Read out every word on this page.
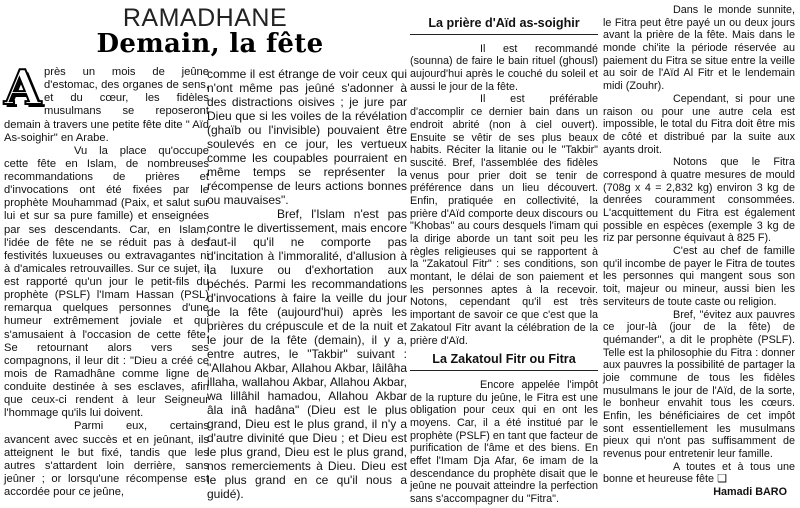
RAMADHANE
Demain, la fête

Après un mois de jeûne d'estomac, des organes de sens, et du cœur, les fidèles musulmans se reposeront demain à travers une petite fête dite " Aïd As-soighir" en Arabe.

Vu la place qu'occupe cette fête en Islam, de nombreuses recommandations de prières et d'invocations ont été fixées par le prophète Mouhammad (Paix, et salut sur lui et sur sa pure famille) et enseignées par ses descendants. Car, en Islam, l'idée de fête ne se réduit pas à des festivités luxueuses ou extravagantes ni à d'amicales retrouvailles. Sur ce sujet, il est rapporté qu'un jour le petit-fils du prophète (PSLF) l'Imam Hassan (PSL) remarqua quelques personnes d'une humeur extrêmement joviale et qui s'amusaient à l'occasion de cette fête. Se retournant alors vers ses compagnons, il leur dit : "Dieu a créé ce mois de Ramadhâne comme ligne de conduite destinée à ses esclaves, afin que ceux-ci rendent à leur Seigneur l'hommage qu'ils lui doivent.

Parmi eux, certains avancent avec succès et en jeûnant, ils atteignent le but fixé, tandis que les autres s'attardent loin derrière, sans jeûner ; or lorsqu'une récompense est accordée pour ce jeûne,

comme il est étrange de voir ceux qui n'ont même pas jeûné s'adonner à des distractions oisives ; je jure par Dieu que si les voiles de la révélation (ghaïb ou l'invisible) pouvaient être soulevés en ce jour, les vertueux comme les coupables pourraient en même temps se représenter la récompense de leurs actions bonnes ou mauvaises".

Bref, l'Islam n'est pas contre le divertissement, mais encore faut-il qu'il ne comporte pas d'incitation à l'immoralité, d'allusion à la luxure ou d'exhortation aux péchés. Parmi les recommandations d'invocations à faire la veille du jour de la fête (aujourd'hui) après les prières du crépuscule et de la nuit et le jour de la fête (demain), il y a, entre autres, le "Takbir" suivant : "Allahou Akbar, Allahou Akbar, lâilâha illaha, wallahou Akbar, Allahou Akbar, wa lillâhil hamadou, Allahou Akbar âla inâ hadâna" (Dieu est le plus grand, Dieu est le plus grand, il n'y a d'autre divinité que Dieu ; et Dieu est le plus grand, Dieu est le plus grand, nos remerciements à Dieu. Dieu est le plus grand en ce qu'il nous a guidé).

La prière d'Aïd as-soighir

Il est recommandé (sounna) de faire le bain rituel (ghousl) aujourd'hui après le couché du soleil et aussi le jour de la fête.

Il est préférable d'accomplir ce dernier bain dans un endroit abrité (non à ciel ouvert). Ensuite se vêtir de ses plus beaux habits. Réciter la litanie ou le "Takbir" suscité. Bref, l'assemblée des fidèles venus pour prier doit se tenir de préférence dans un lieu découvert. Enfin, pratiquée en collectivité, la prière d'Aïd comporte deux discours ou "Khobas" au cours desquels l'imam qui la dirige aborde un tant soit peu les règles religieuses qui se rapportent à la "Zakatoul Fitr" : ses conditions, son montant, le délai de son paiement et les personnes aptes à la recevoir. Notons, cependant qu'il est très important de savoir ce que c'est que la Zakatoul Fitr avant la célébration de la prière d'Aïd.

La Zakatoul Fitr ou Fitra

Encore appelée l'impôt de la rupture du jeûne, le Fitra est une obligation pour ceux qui en ont les moyens. Car, il a été institué par le prophète (PSLF) en tant que facteur de purification de l'âme et des biens. En effet l'Imam Dja Afar, 6e imam de la descendance du prophète disait que le jeûne ne pouvait atteindre la perfection sans s'accompagner du "Fitra".

Dans le monde sunnite, le Fitra peut être payé un ou deux jours avant la prière de la fête. Mais dans le monde chi'ite la période réservée au paiement du Fitra se situe entre la veille au soir de l'Aïd Al Fitr et le lendemain midi (Zouhr).

Cependant, si pour une raison ou pour une autre cela est impossible, le total du Fitra doit être mis de côté et distribué par la suite aux ayants droit.

Notons que le Fitra correspond à quatre mesures de mould (708g x 4 = 2,832 kg) environ 3 kg de denrées couramment consommées. L'acquittement du Fitra est également possible en espèces (exemple 3 kg de riz par personne équivaut à 825 F).

C'est au chef de famille qu'il incombe de payer le Fitra de toutes les personnes qui mangent sous son toit, majeur ou mineur, aussi bien les serviteurs de toute caste ou religion.

Bref, "évitez aux pauvres ce jour-là (jour de la fête) de quémander", a dit le prophète (PSLF). Telle est la philosophie du Fitra : donner aux pauvres la possibilité de partager la joie commune de tous les fidèles musulmans le jour de l'Aïd, de la sorte, le bonheur envahit tous les cœurs. Enfin, les bénéficiaires de cet impôt sont essentiellement les musulmans pieux qui n'ont pas suffisamment de revenus pour entretenir leur famille.

A toutes et à tous une bonne et heureuse fête ❑

Hamadi BARO
